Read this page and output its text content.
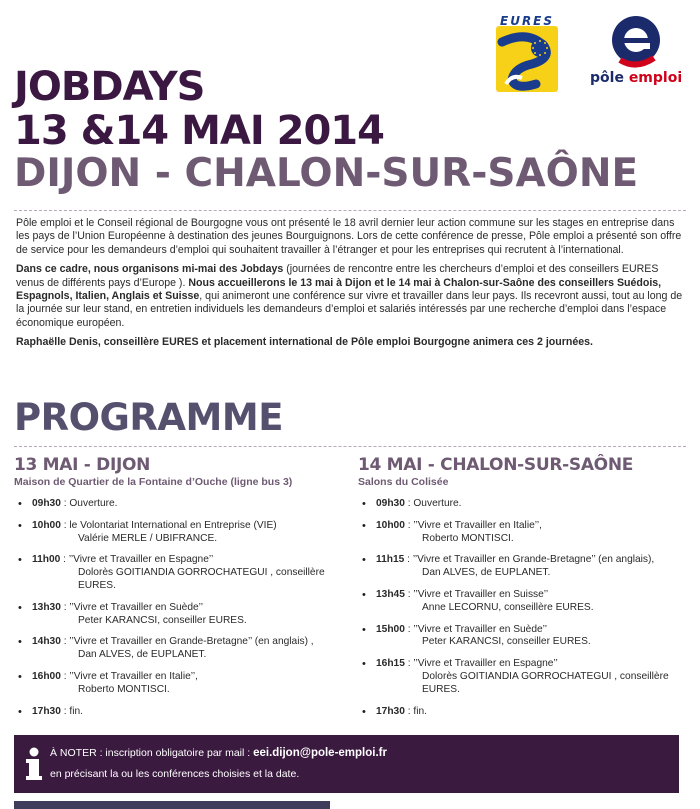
EURES
pôle emploi
JOBDAYS
13 &14 MAI 2014
DIJON - CHALON-SUR-SAÔNE

Pôle emploi et le Conseil régional de Bourgogne vous ont présenté le 18 avril dernier leur action commune sur les stages en entreprise dans les pays de l’Union Européenne à destination des jeunes Bourguignons. Lors de cette conférence de presse, Pôle emploi a présenté son offre de service pour les demandeurs d’emploi qui souhaitent travailler à l’étranger et pour les entreprises qui recrutent à l’international.

Dans ce cadre, nous organisons mi-mai des Jobdays (journées de rencontre entre les chercheurs d’emploi et des conseillers EURES venus de différents pays d’Europe ). Nous accueillerons le 13 mai à Dijon et le 14 mai à Chalon-sur-Saône des conseillers Suédois, Espagnols, Italien, Anglais et Suisse, qui animeront une conférence sur vivre et travailler dans leur pays. Ils recevront aussi, tout au long de la journée sur leur stand, en entretien individuels les demandeurs d’emploi et salariés intéressés par une recherche d’emploi dans l’espace économique européen.

Raphaëlle Denis, conseillère EURES et placement international de Pôle emploi Bourgogne animera ces 2 journées.

PROGRAMME
13 MAI - DIJON
Maison de Quartier de la Fontaine d’Ouche (ligne bus 3)
• 09h30 : Ouverture.
• 10h00 : le Volontariat International en Entreprise (VIE)
Valérie MERLE / UBIFRANCE.
• 11h00 : ’’Vivre et Travailler en Espagne’’
Dolorès GOITIANDIA GORROCHATEGUI , conseillère EURES.
• 13h30 : ’’Vivre et Travailler en Suède’’
Peter KARANCSI, conseiller EURES.
• 14h30 : ’’Vivre et Travailler en Grande-Bretagne’’ (en anglais) ,
Dan ALVES, de EUPLANET.
• 16h00 : ’’Vivre et Travailler en Italie’’,
Roberto MONTISCI.
• 17h30 : fin.
14 MAI - CHALON-SUR-SAÔNE
Salons du Colisée
• 09h30 : Ouverture.
• 10h00 : ’’Vivre et Travailler en Italie’’,
Roberto MONTISCI.
• 11h15 : ’’Vivre et Travailler en Grande-Bretagne’’ (en anglais),
Dan ALVES, de EUPLANET.
• 13h45 : ’’Vivre et Travailler en Suisse’’
Anne LECORNU, conseillère EURES.
• 15h00 : ’’Vivre et Travailler en Suède’’
Peter KARANCSI, conseiller EURES.
• 16h15 : ’’Vivre et Travailler en Espagne’’
Dolorès GOITIANDIA GORROCHATEGUI , conseillère EURES.
• 17h30 : fin.
À NOTER : inscription obligatoire par mail : eei.dijon@pole-emploi.fr
en précisant la ou les conférences choisies et la date.
